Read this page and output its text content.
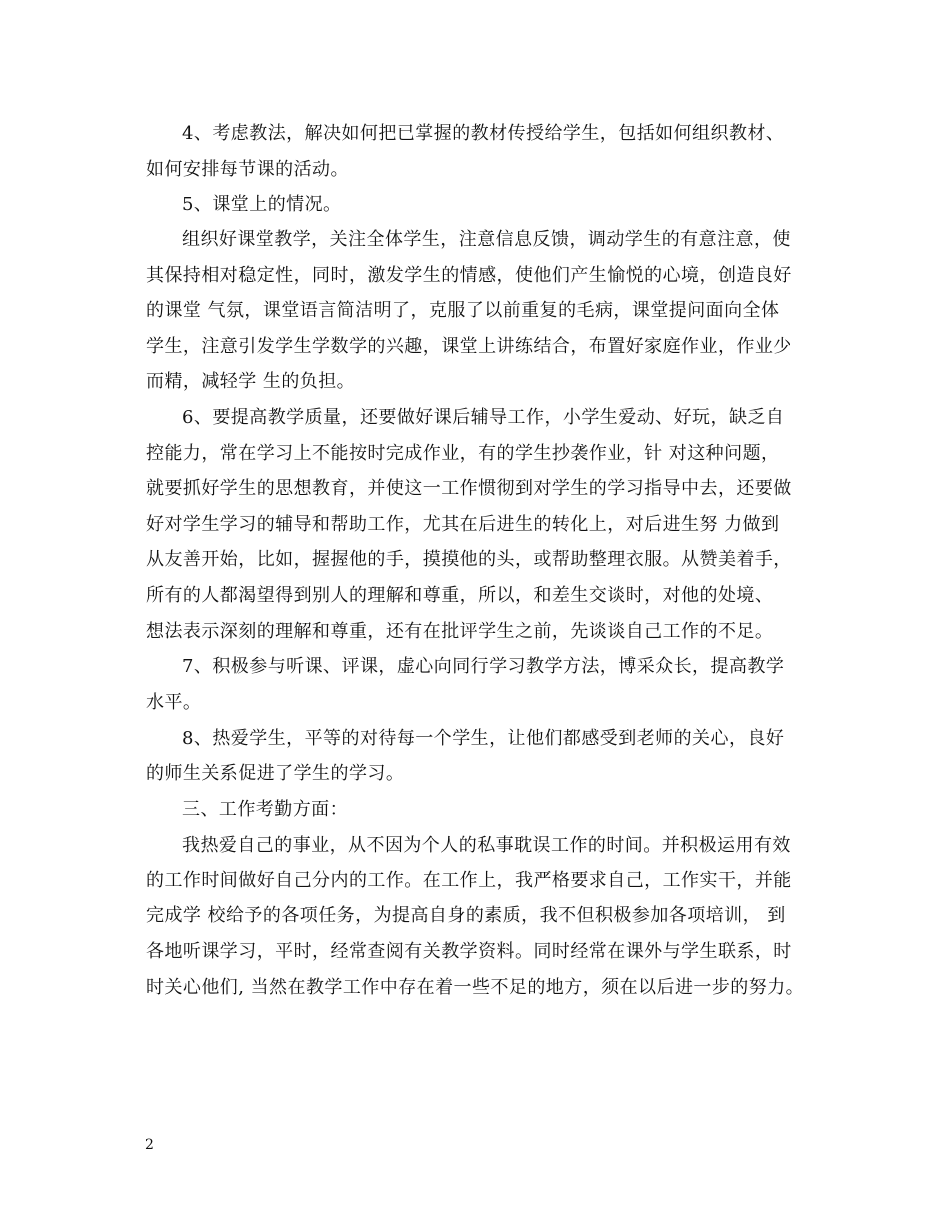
4、考虑教法，解决如何把已掌握的教材传授给学生，包括如何组织教材、
如何安排每节课的活动。
5、课堂上的情况。
组织好课堂教学，关注全体学生，注意信息反馈，调动学生的有意注意，使
其保持相对稳定性，同时，激发学生的情感，使他们产生愉悦的心境，创造良好
的课堂 气氛，课堂语言简洁明了，克服了以前重复的毛病，课堂提问面向全体
学生，注意引发学生学数学的兴趣，课堂上讲练结合，布置好家庭作业，作业少
而精，减轻学 生的负担。
6、要提高教学质量，还要做好课后辅导工作，小学生爱动、好玩，缺乏自
控能力，常在学习上不能按时完成作业，有的学生抄袭作业，针 对这种问题，
就要抓好学生的思想教育，并使这一工作惯彻到对学生的学习指导中去，还要做
好对学生学习的辅导和帮助工作，尤其在后进生的转化上，对后进生努 力做到
从友善开始，比如，握握他的手，摸摸他的头，或帮助整理衣服。从赞美着手，
所有的人都渴望得到别人的理解和尊重，所以，和差生交谈时，对他的处境、
想法表示深刻的理解和尊重，还有在批评学生之前，先谈谈自己工作的不足。
7、积极参与听课、评课，虚心向同行学习教学方法，博采众长，提高教学
水平。
8、热爱学生，平等的对待每一个学生，让他们都感受到老师的关心，良好
的师生关系促进了学生的学习。
三、工作考勤方面：
我热爱自己的事业，从不因为个人的私事耽误工作的时间。并积极运用有效
的工作时间做好自己分内的工作。在工作上，我严格要求自己，工作实干，并能
完成学 校给予的各项任务，为提高自身的素质，我不但积极参加各项培训， 到
各地听课学习，平时，经常查阅有关教学资料。同时经常在课外与学生联系，时
时关心他们, 当然在教学工作中存在着一些不足的地方，须在以后进一步的努力。
2
